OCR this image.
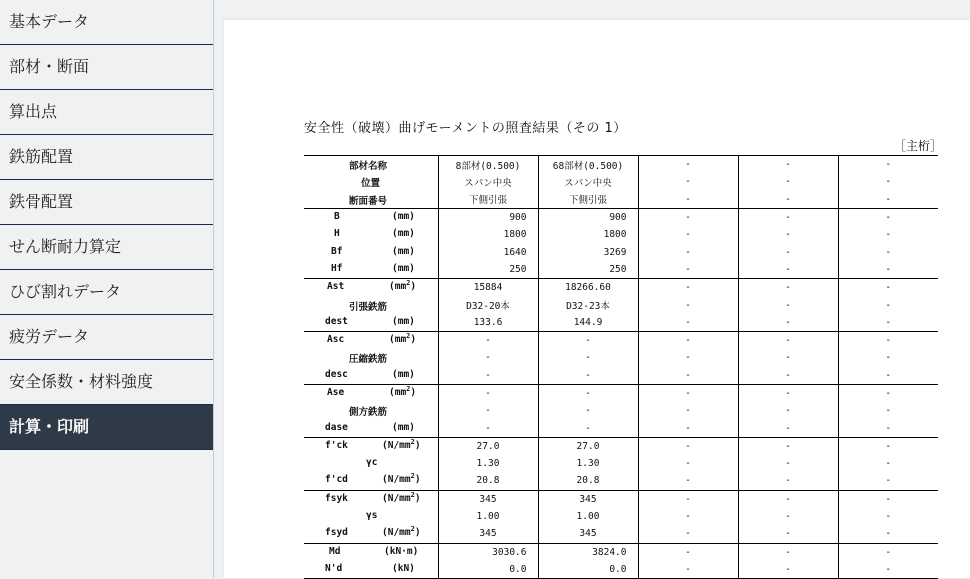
基本データ
部材・断面
算出点
鉄筋配置
鉄骨配置
せん断耐力算定
ひび割れデータ
疲労データ
安全係数・材料強度
計算・印刷
安全性（破壊）曲げモーメントの照査結果（その 1）
［主桁］
部材名称	8部材(0.500)	68部材(0.500)	-	-	-

位置	スパン中央	スパン中央	-	-	-

断面番号	下側引張	下側引張	-	-	-

B (mm)	900	900	-	-	-

H (mm)	1800	1800	-	-	-

Bf (mm)	1640	3269	-	-	-

Hf (mm)	250	250	-	-	-

Ast $(mm^2)$	15884	18266.60	-	-	-

引張鉄筋	D32-20本	D32-23本	-	-	-

dest (mm)	133.6	144.9	-	-	-

Asc $(mm^2)$	-	-	-	-	-

圧縮鉄筋	-	-	-	-	-

desc (mm)	-	-	-	-	-

Ase $(mm^2)$	-	-	-	-	-

側方鉄筋	-	-	-	-	-

dase (mm)	-	-	-	-	-

f'ck $(N/mm^2)$	27.0	27.0	-	-	-

γc	1.30	1.30	-	-	-

f'cd $(N/mm^2)$	20.8	20.8	-	-	-

fsyk $(N/mm^2)$	345	345	-	-	-

γs	1.00	1.00	-	-	-

fsyd $(N/mm^2)$	345	345	-	-	-

Md (kN·m)	3030.6	3824.0	-	-	-

N'd (kN)	0.0	0.0	-	-	-
